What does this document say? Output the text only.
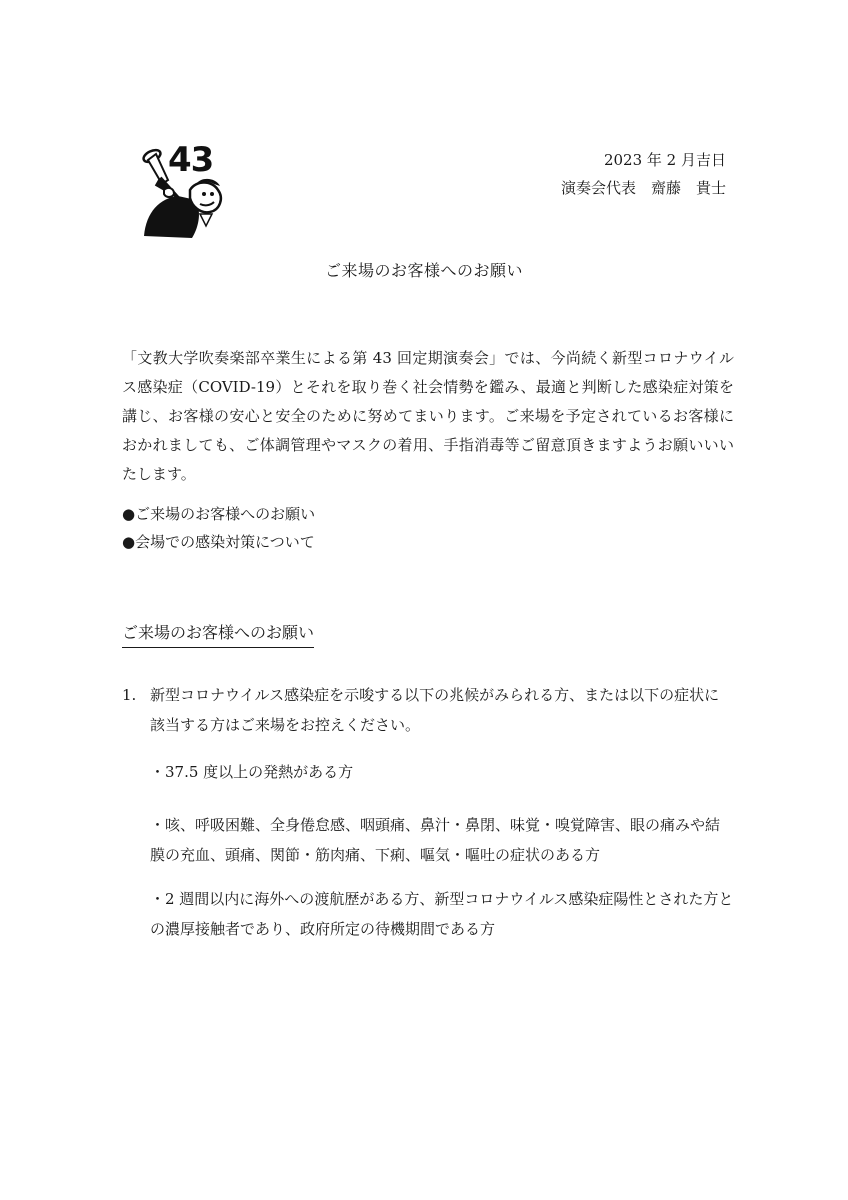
43	2023 年 2 月吉日
演奏会代表　齋藤　貴士
ご来場のお客様へのお願い

「文教大学吹奏楽部卒業生による第 43 回定期演奏会」では、今尚続く新型コロナウイルス感染症（COVID-19）とそれを取り巻く社会情勢を鑑み、最適と判断した感染症対策を講じ、お客様の安心と安全のために努めてまいります。ご来場を予定されているお客様におかれましても、ご体調管理やマスクの着用、手指消毒等ご留意頂きますようお願いいいたします。

●ご来場のお客様へのお願い
●会場での感染対策について
ご来場のお客様へのお願い
1. 新型コロナウイルス感染症を示唆する以下の兆候がみられる方、または以下の症状に該当する方はご来場をお控えください。
・37.5 度以上の発熱がある方
・咳、呼吸困難、全身倦怠感、咽頭痛、鼻汁・鼻閉、味覚・嗅覚障害、眼の痛みや結膜の充血、頭痛、関節・筋肉痛、下痢、嘔気・嘔吐の症状のある方
・2 週間以内に海外への渡航歴がある方、新型コロナウイルス感染症陽性とされた方との濃厚接触者であり、政府所定の待機期間である方
